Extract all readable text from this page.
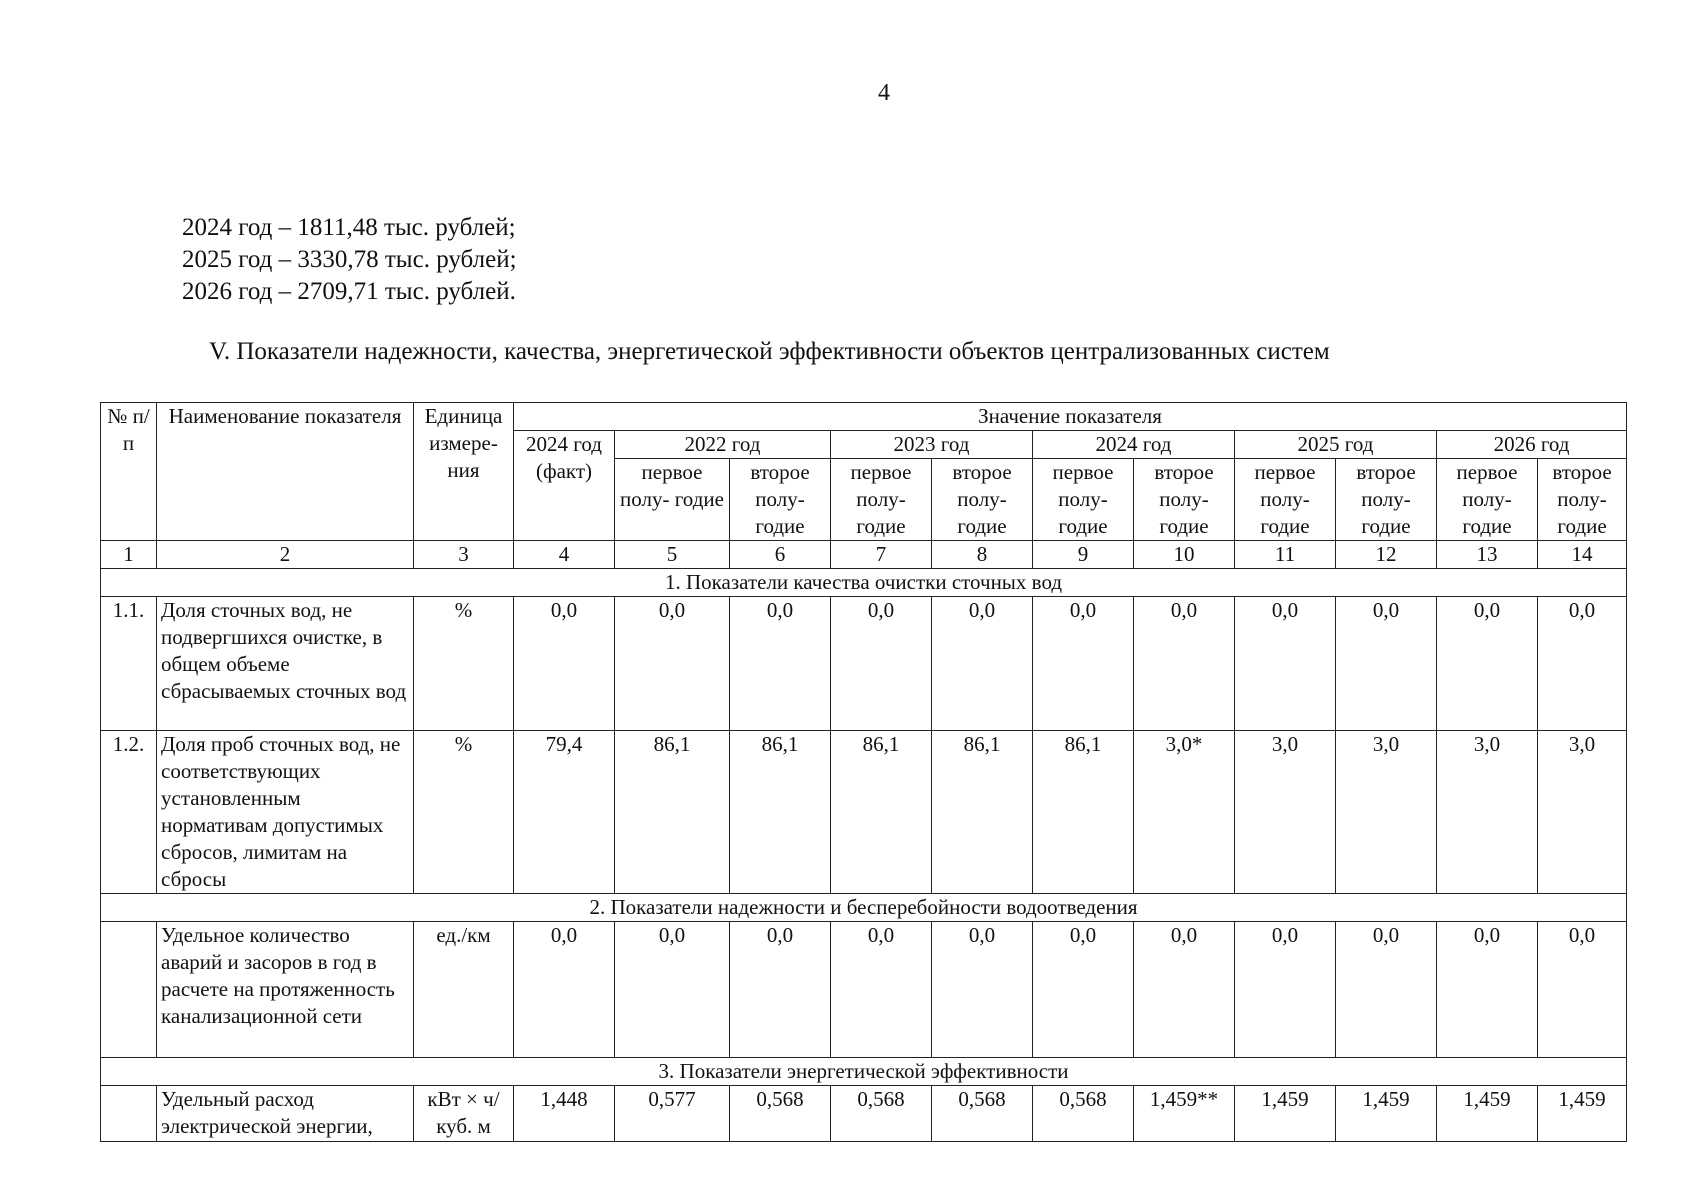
4
2024 год – 1811,48 тыс. рублей;
2025 год – 3330,78 тыс. рублей;
2026 год – 2709,71 тыс. рублей.
V. Показатели надежности, качества, энергетической эффективности объектов централизованных систем
№ п/п	Наименование показателя	Единица измере- ния	Значение показателя										
			2024 год (факт)	2022 год		2023 год		2024 год		2025 год		2026 год	
				первое полу- годие	второе полу- годие	первое полу- годие	второе полу- годие	первое полу- годие	второе полу- годие	первое полу- годие	второе полу- годие	первое полу- годие	второе полу- годие
1	2	3	4	5	6	7	8	9	10	11	12	13	14
1. Показатели качества очистки сточных вод													
1.1.	Доля сточных вод, не подвергшихся очистке, в общем объеме сбрасываемых сточных вод	%	0,0	0,0	0,0	0,0	0,0	0,0	0,0	0,0	0,0	0,0	0,0
1.2.	Доля проб сточных вод, не соответствующих установленным нормативам допустимых сбросов, лимитам на сбросы	%	79,4	86,1	86,1	86,1	86,1	86,1	3,0*	3,0	3,0	3,0	3,0
2. Показатели надежности и бесперебойности водоотведения													
	Удельное количество аварий и засоров в год в расчете на протяженность канализационной сети	ед./км	0,0	0,0	0,0	0,0	0,0	0,0	0,0	0,0	0,0	0,0	0,0
3. Показатели энергетической эффективности													
	Удельный расход электрической энергии,	кВт × ч/ куб. м	1,448	0,577	0,568	0,568	0,568	0,568	1,459**	1,459	1,459	1,459	1,459
